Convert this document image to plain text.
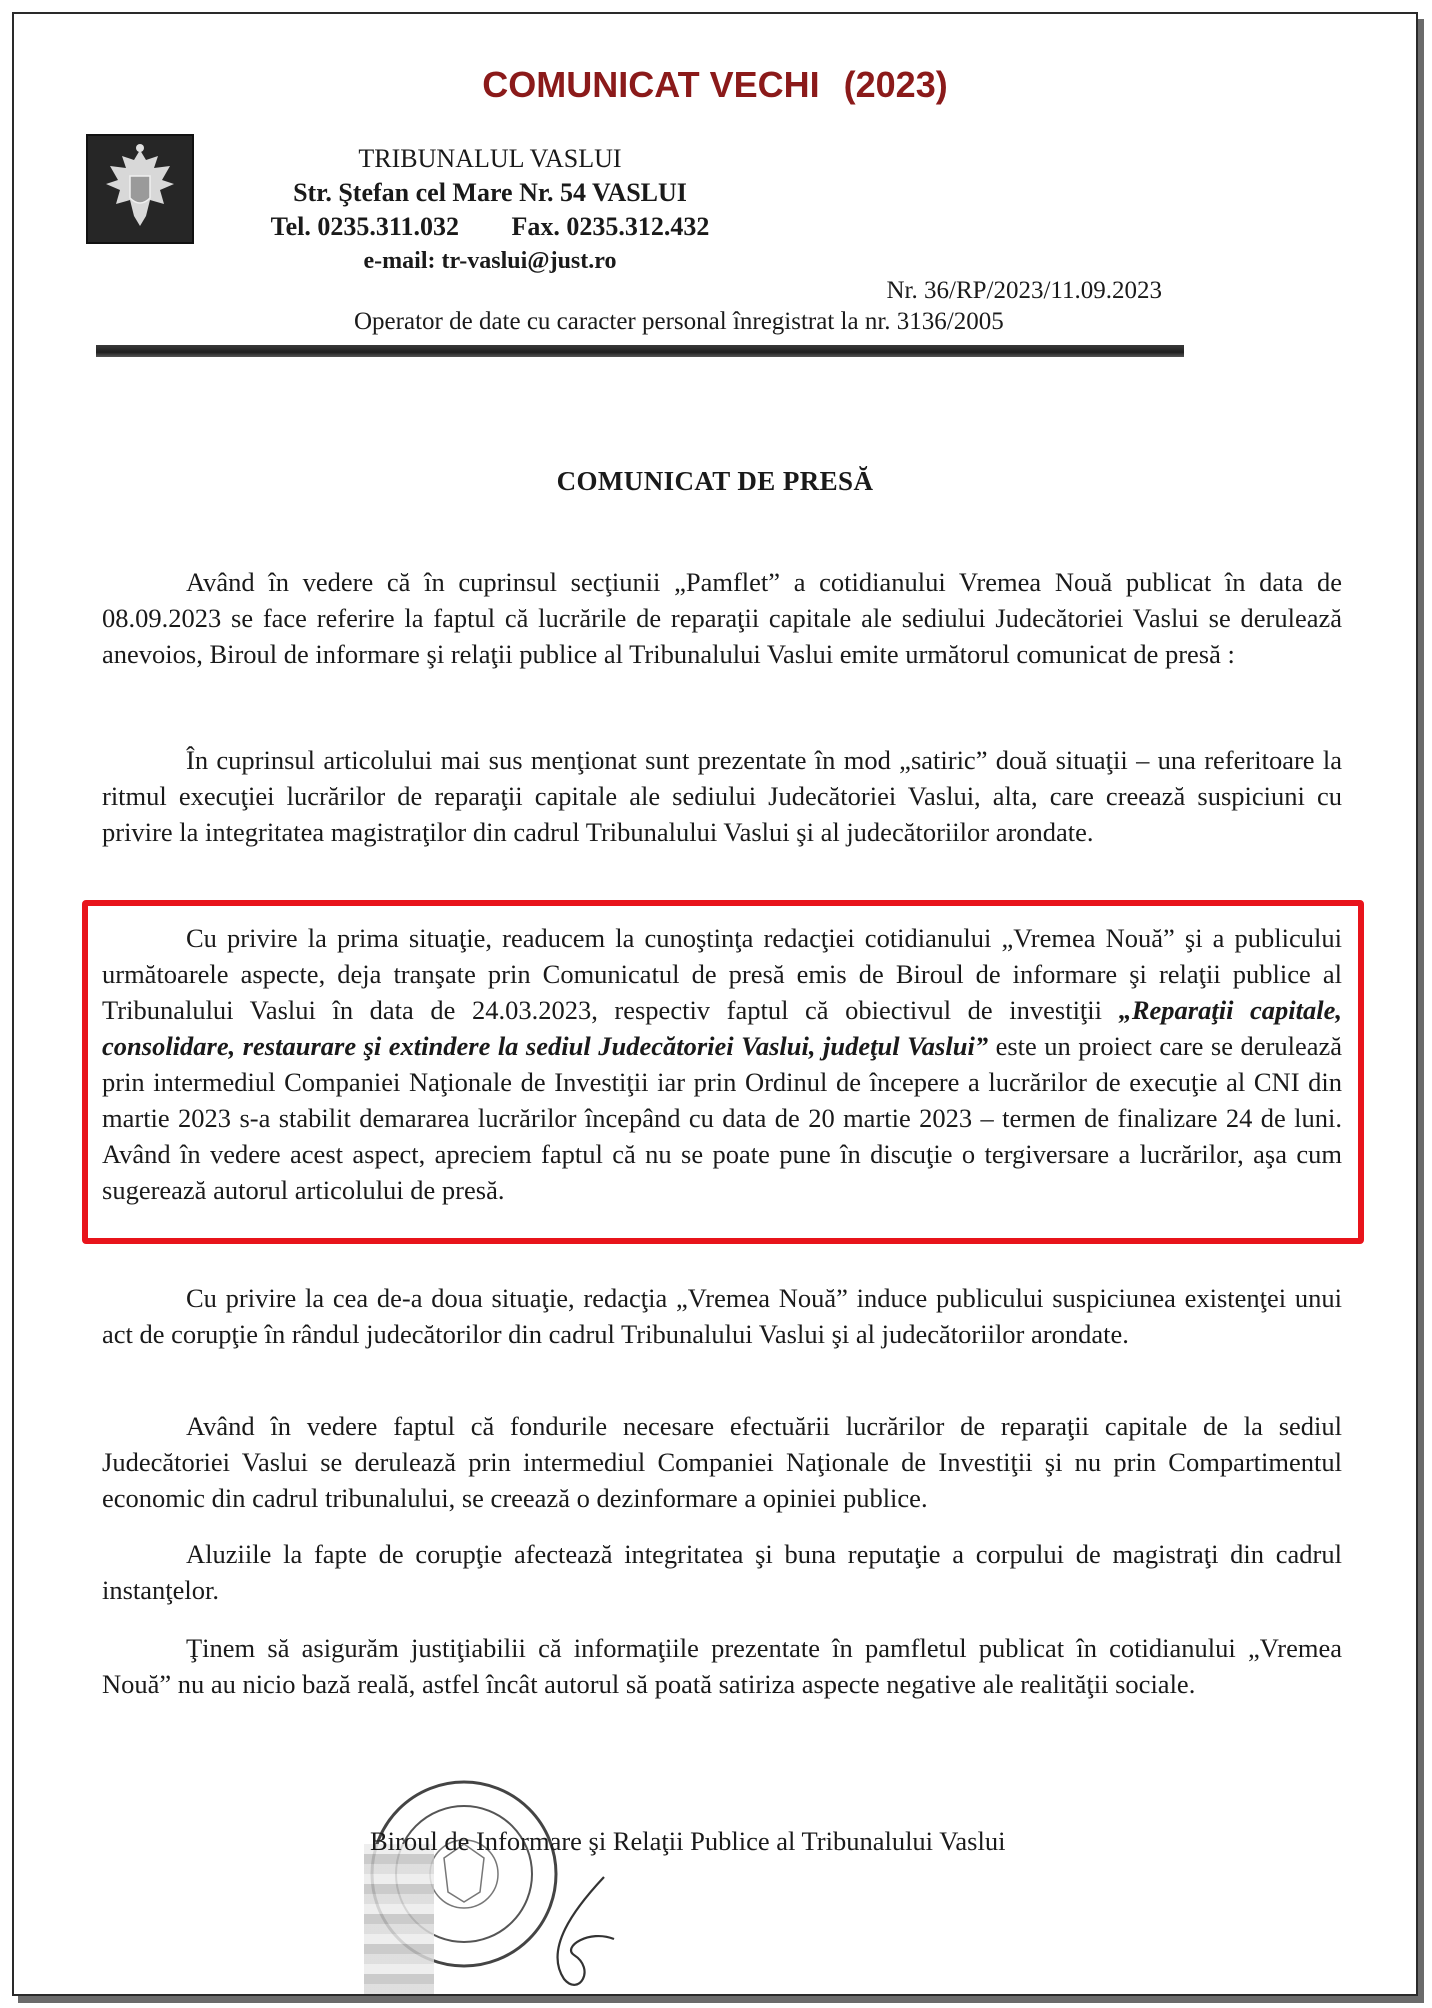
COMUNICAT VECHI (2023)
TRIBUNALUL VASLUI
Str. Ştefan cel Mare Nr. 54 VASLUI
Tel. 0235.311.032 Fax. 0235.312.432
e-mail: tr-vaslui@just.ro
Nr. 36/RP/2023/11.09.2023
Operator de date cu caracter personal înregistrat la nr. 3136/2005
COMUNICAT DE PRESĂ

Având în vedere că în cuprinsul secţiunii „Pamflet” a cotidianului Vremea Nouă publicat în data de 08.09.2023 se face referire la faptul că lucrările de reparaţii capitale ale sediului Judecătoriei Vaslui se derulează anevoios, Biroul de informare şi relaţii publice al Tribunalului Vaslui emite următorul comunicat de presă :

În cuprinsul articolului mai sus menţionat sunt prezentate în mod „satiric” două situaţii – una referitoare la ritmul execuţiei lucrărilor de reparaţii capitale ale sediului Judecătoriei Vaslui, alta, care creează suspiciuni cu privire la integritatea magistraţilor din cadrul Tribunalului Vaslui şi al judecătoriilor arondate.

Cu privire la prima situaţie, readucem la cunoştinţa redacţiei cotidianului „Vremea Nouă” şi a publicului următoarele aspecte, deja tranşate prin Comunicatul de presă emis de Biroul de informare şi relaţii publice al Tribunalului Vaslui în data de 24.03.2023, respectiv faptul că obiectivul de investiţii „Reparaţii capitale, consolidare, restaurare şi extindere la sediul Judecătoriei Vaslui, judeţul Vaslui” este un proiect care se derulează prin intermediul Companiei Naţionale de Investiţii iar prin Ordinul de începere a lucrărilor de execuţie al CNI din martie 2023 s-a stabilit demararea lucrărilor începând cu data de 20 martie 2023 – termen de finalizare 24 de luni. Având în vedere acest aspect, apreciem faptul că nu se poate pune în discuţie o tergiversare a lucrărilor, aşa cum sugerează autorul articolului de presă.

Cu privire la cea de-a doua situaţie, redacţia „Vremea Nouă” induce publicului suspiciunea existenţei unui act de corupţie în rândul judecătorilor din cadrul Tribunalului Vaslui şi al judecătoriilor arondate.

Având în vedere faptul că fondurile necesare efectuării lucrărilor de reparaţii capitale de la sediul Judecătoriei Vaslui se derulează prin intermediul Companiei Naţionale de Investiţii şi nu prin Compartimentul economic din cadrul tribunalului, se creează o dezinformare a opiniei publice.

Aluziile la fapte de corupţie afectează integritatea şi buna reputaţie a corpului de magistraţi din cadrul instanţelor.

Ţinem să asigurăm justiţiabilii că informaţiile prezentate în pamfletul publicat în cotidianului „Vremea Nouă” nu au nicio bază reală, astfel încât autorul să poată satiriza aspecte negative ale realităţii sociale.

Biroul de Informare şi Relaţii Publice al Tribunalului Vaslui
